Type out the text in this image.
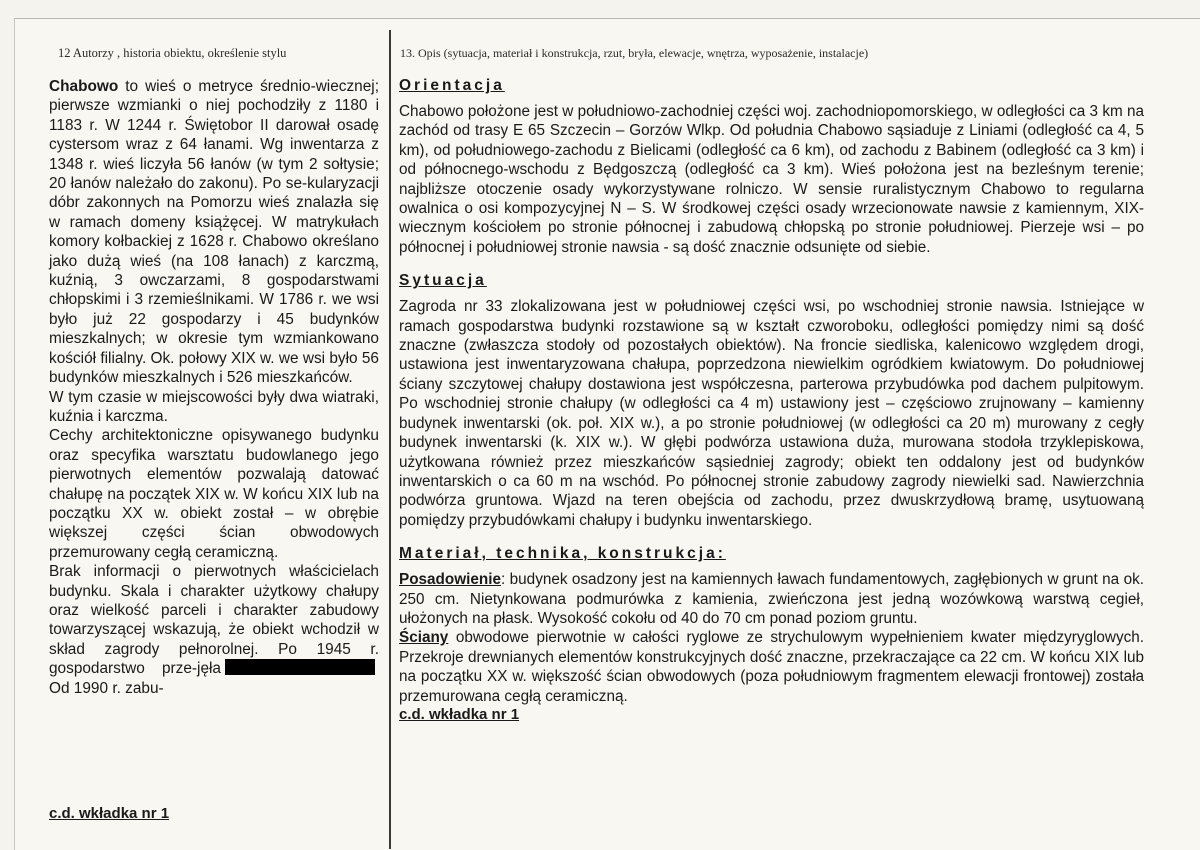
12 Autorzy , historia obiektu, określenie stylu	13. Opis (sytuacja, materiał i konstrukcja, rzut, bryła, elewacje, wnętrza, wyposażenie, instalacje)

Chabowo to wieś o metryce średnio-wiecznej; pierwsze wzmianki o niej pochodziły z 1180 i 1183 r. W 1244 r. Świętobor II darował osadę cystersom wraz z 64 łanami. Wg inwentarza z 1348 r. wieś liczyła 56 łanów (w tym 2 sołtysie; 20 łanów należało do zakonu). Po se-kularyzacji dóbr zakonnych na Pomorzu wieś znalazła się w ramach domeny książęcej. W matrykułach komory kołbackiej z 1628 r. Chabowo określano jako dużą wieś (na 108 łanach) z karczmą, kuźnią, 3 owczarzami, 8 gospodarstwami chłopskimi i 3 rzemieślnikami. W 1786 r. we wsi było już 22 gospodarzy i 45 budynków mieszkalnych; w okresie tym wzmiankowano kościół filialny. Ok. połowy XIX w. we wsi było 56 budynków mieszkalnych i 526 mieszkańców.

W tym czasie w miejscowości były dwa wiatraki, kuźnia i karczma.

Cechy architektoniczne opisywanego budynku oraz specyfika warsztatu budowlanego jego pierwotnych elementów pozwalają datować chałupę na początek XIX w. W końcu XIX lub na początku XX w. obiekt został – w obrębie większej części ścian obwodowych przemurowany cegłą ceramiczną.

Brak informacji o pierwotnych właścicielach budynku. Skala i charakter użytkowy chałupy oraz wielkość parceli i charakter zabudowy towarzyszącej wskazują, że obiekt wchodził w skład zagrody pełnorolnej. Po 1945 r. gospodarstwo prze-jęłaOd 1990 r. zabu-

c.d. wkładka nr 1
Orientacja

Chabowo położone jest w południowo-zachodniej części woj. zachodniopomorskiego, w odległości ca 3 km na zachód od trasy E 65 Szczecin – Gorzów Wlkp. Od południa Chabowo sąsiaduje z Liniami (odległość ca 4, 5 km), od południowego-zachodu z Bielicami (odległość ca 6 km), od zachodu z Babinem (odległość ca 3 km) i od północnego-wschodu z Będgoszczą (odległość ca 3 km). Wieś położona jest na bezleśnym terenie; najbliższe otoczenie osady wykorzystywane rolniczo. W sensie ruralistycznym Chabowo to regularna owalnica o osi kompozycyjnej N – S. W środkowej części osady wrzecionowate nawsie z kamiennym, XIX-wiecznym kościołem po stronie północnej i zabudową chłopską po stronie południowej. Pierzeje wsi – po północnej i południowej stronie nawsia - są dość znacznie odsunięte od siebie.

Sytuacja

Zagroda nr 33 zlokalizowana jest w południowej części wsi, po wschodniej stronie nawsia. Istniejące w ramach gospodarstwa budynki rozstawione są w kształt czworoboku, odległości pomiędzy nimi są dość znaczne (zwłaszcza stodoły od pozostałych obiektów). Na froncie siedliska, kalenicowo względem drogi, ustawiona jest inwentaryzowana chałupa, poprzedzona niewielkim ogródkiem kwiatowym. Do południowej ściany szczytowej chałupy dostawiona jest współczesna, parterowa przybudówka pod dachem pulpitowym. Po wschodniej stronie chałupy (w odległości ca 4 m) ustawiony jest – częściowo zrujnowany – kamienny budynek inwentarski (ok. poł. XIX w.), a po stronie południowej (w odległości ca 20 m) murowany z cegły budynek inwentarski (k. XIX w.). W głębi podwórza ustawiona duża, murowana stodoła trzyklepiskowa, użytkowana również przez mieszkańców sąsiedniej zagrody; obiekt ten oddalony jest od budynków inwentarskich o ca 60 m na wschód. Po północnej stronie zabudowy zagrody niewielki sad. Nawierzchnia podwórza gruntowa. Wjazd na teren obejścia od zachodu, przez dwuskrzydłową bramę, usytuowaną pomiędzy przybudówkami chałupy i budynku inwentarskiego.

Materiał, technika, konstrukcja:

Posadowienie: budynek osadzony jest na kamiennych ławach fundamentowych, zagłębionych w grunt na ok. 250 cm. Nietynkowana podmurówka z kamienia, zwieńczona jest jedną wozówkową warstwą cegieł, ułożonych na płask. Wysokość cokołu od 40 do 70 cm ponad poziom gruntu.

Ściany obwodowe pierwotnie w całości ryglowe ze strychulowym wypełnieniem kwater międzyryglowych. Przekroje drewnianych elementów konstrukcyjnych dość znaczne, przekraczające ca 22 cm. W końcu XIX lub na początku XX w. większość ścian obwodowych (poza południowym fragmentem elewacji frontowej) została przemurowana cegłą ceramiczną.

c.d. wkładka nr 1
